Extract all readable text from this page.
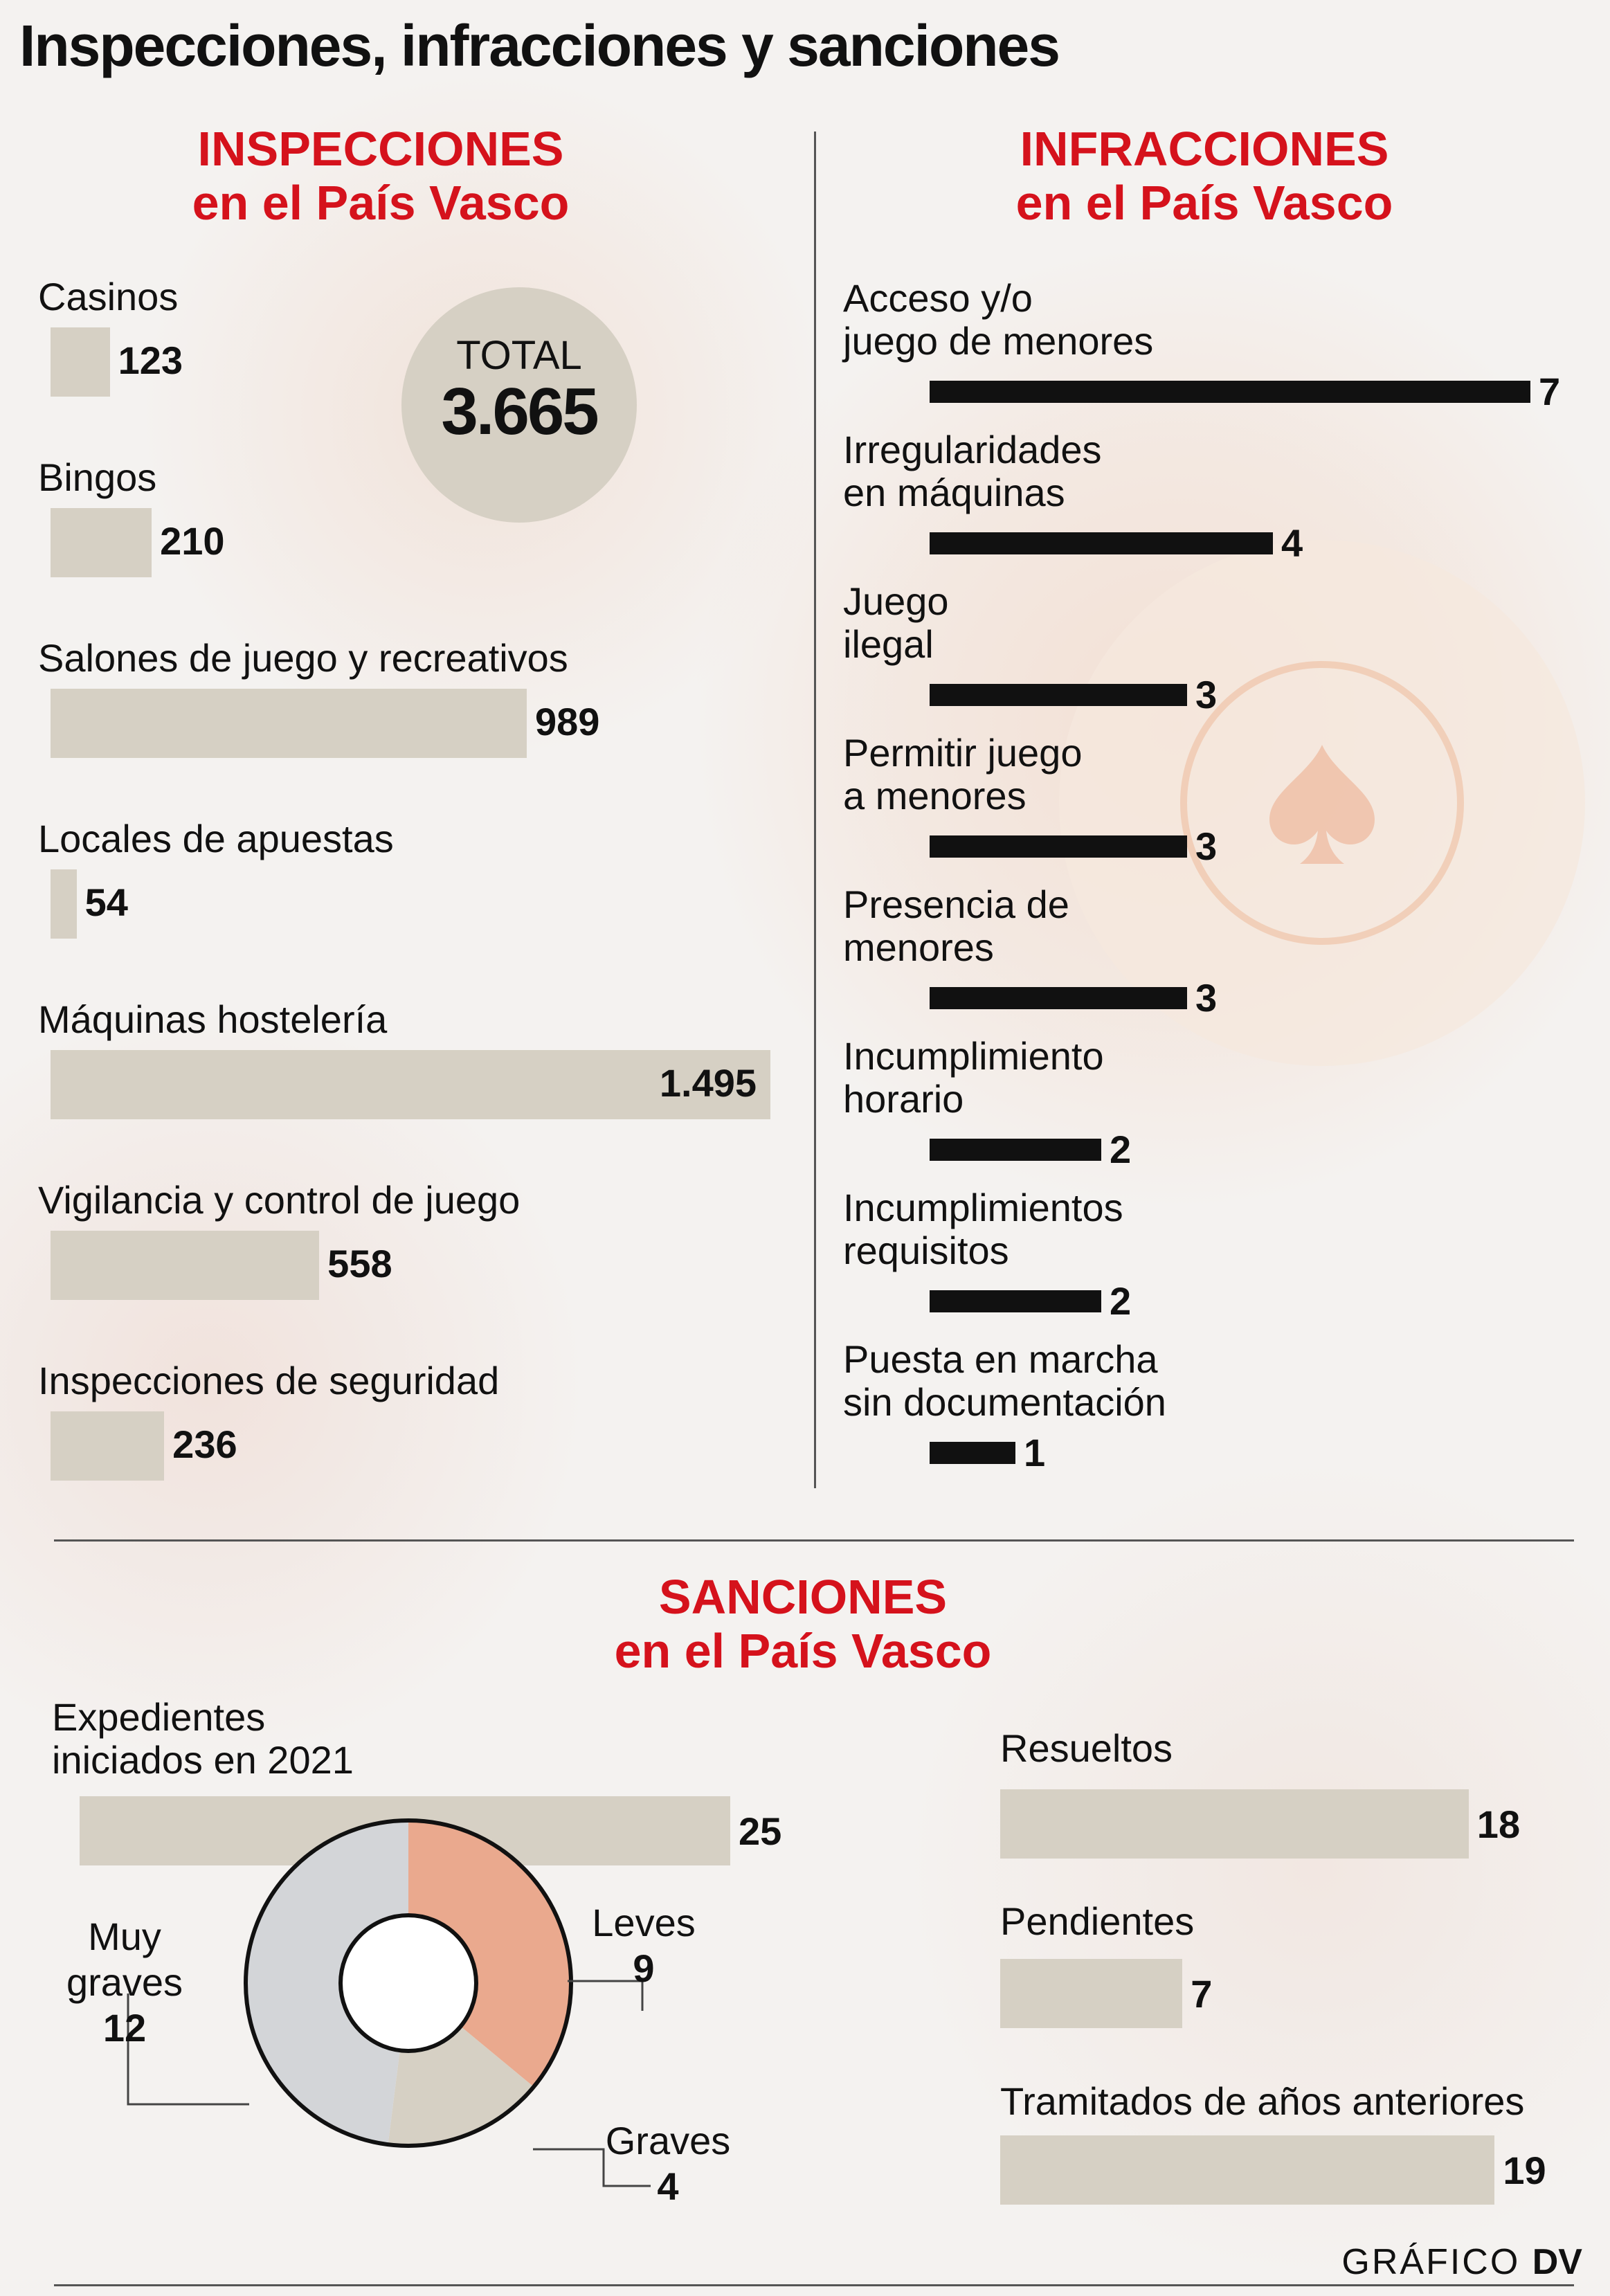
Inspecciones, infracciones y sanciones
INSPECCIONES
en el País Vasco
TOTAL
3.665
Casinos
123
Bingos
210
Salones de juego y recreativos
989
Locales de apuestas
54
Máquinas hostelería
1.495
Vigilancia y control de juego
558
Inspecciones de seguridad
236
INFRACCIONES
en el País Vasco
Acceso y/o
juego de menores
7
Irregularidades
en máquinas
4
Juego
ilegal
3
Permitir juego
a menores
3
Presencia de
menores
3
Incumplimiento
horario
2
Incumplimientos
requisitos
2
Puesta en marcha
sin documentación
1
SANCIONES
en el País Vasco
Expedientes
iniciados en 2021
25
Resueltos
18
Pendientes
7
Tramitados de años anteriores
19
Leves
9
Graves
4
Muy
graves
12
GRÁFICO DV
